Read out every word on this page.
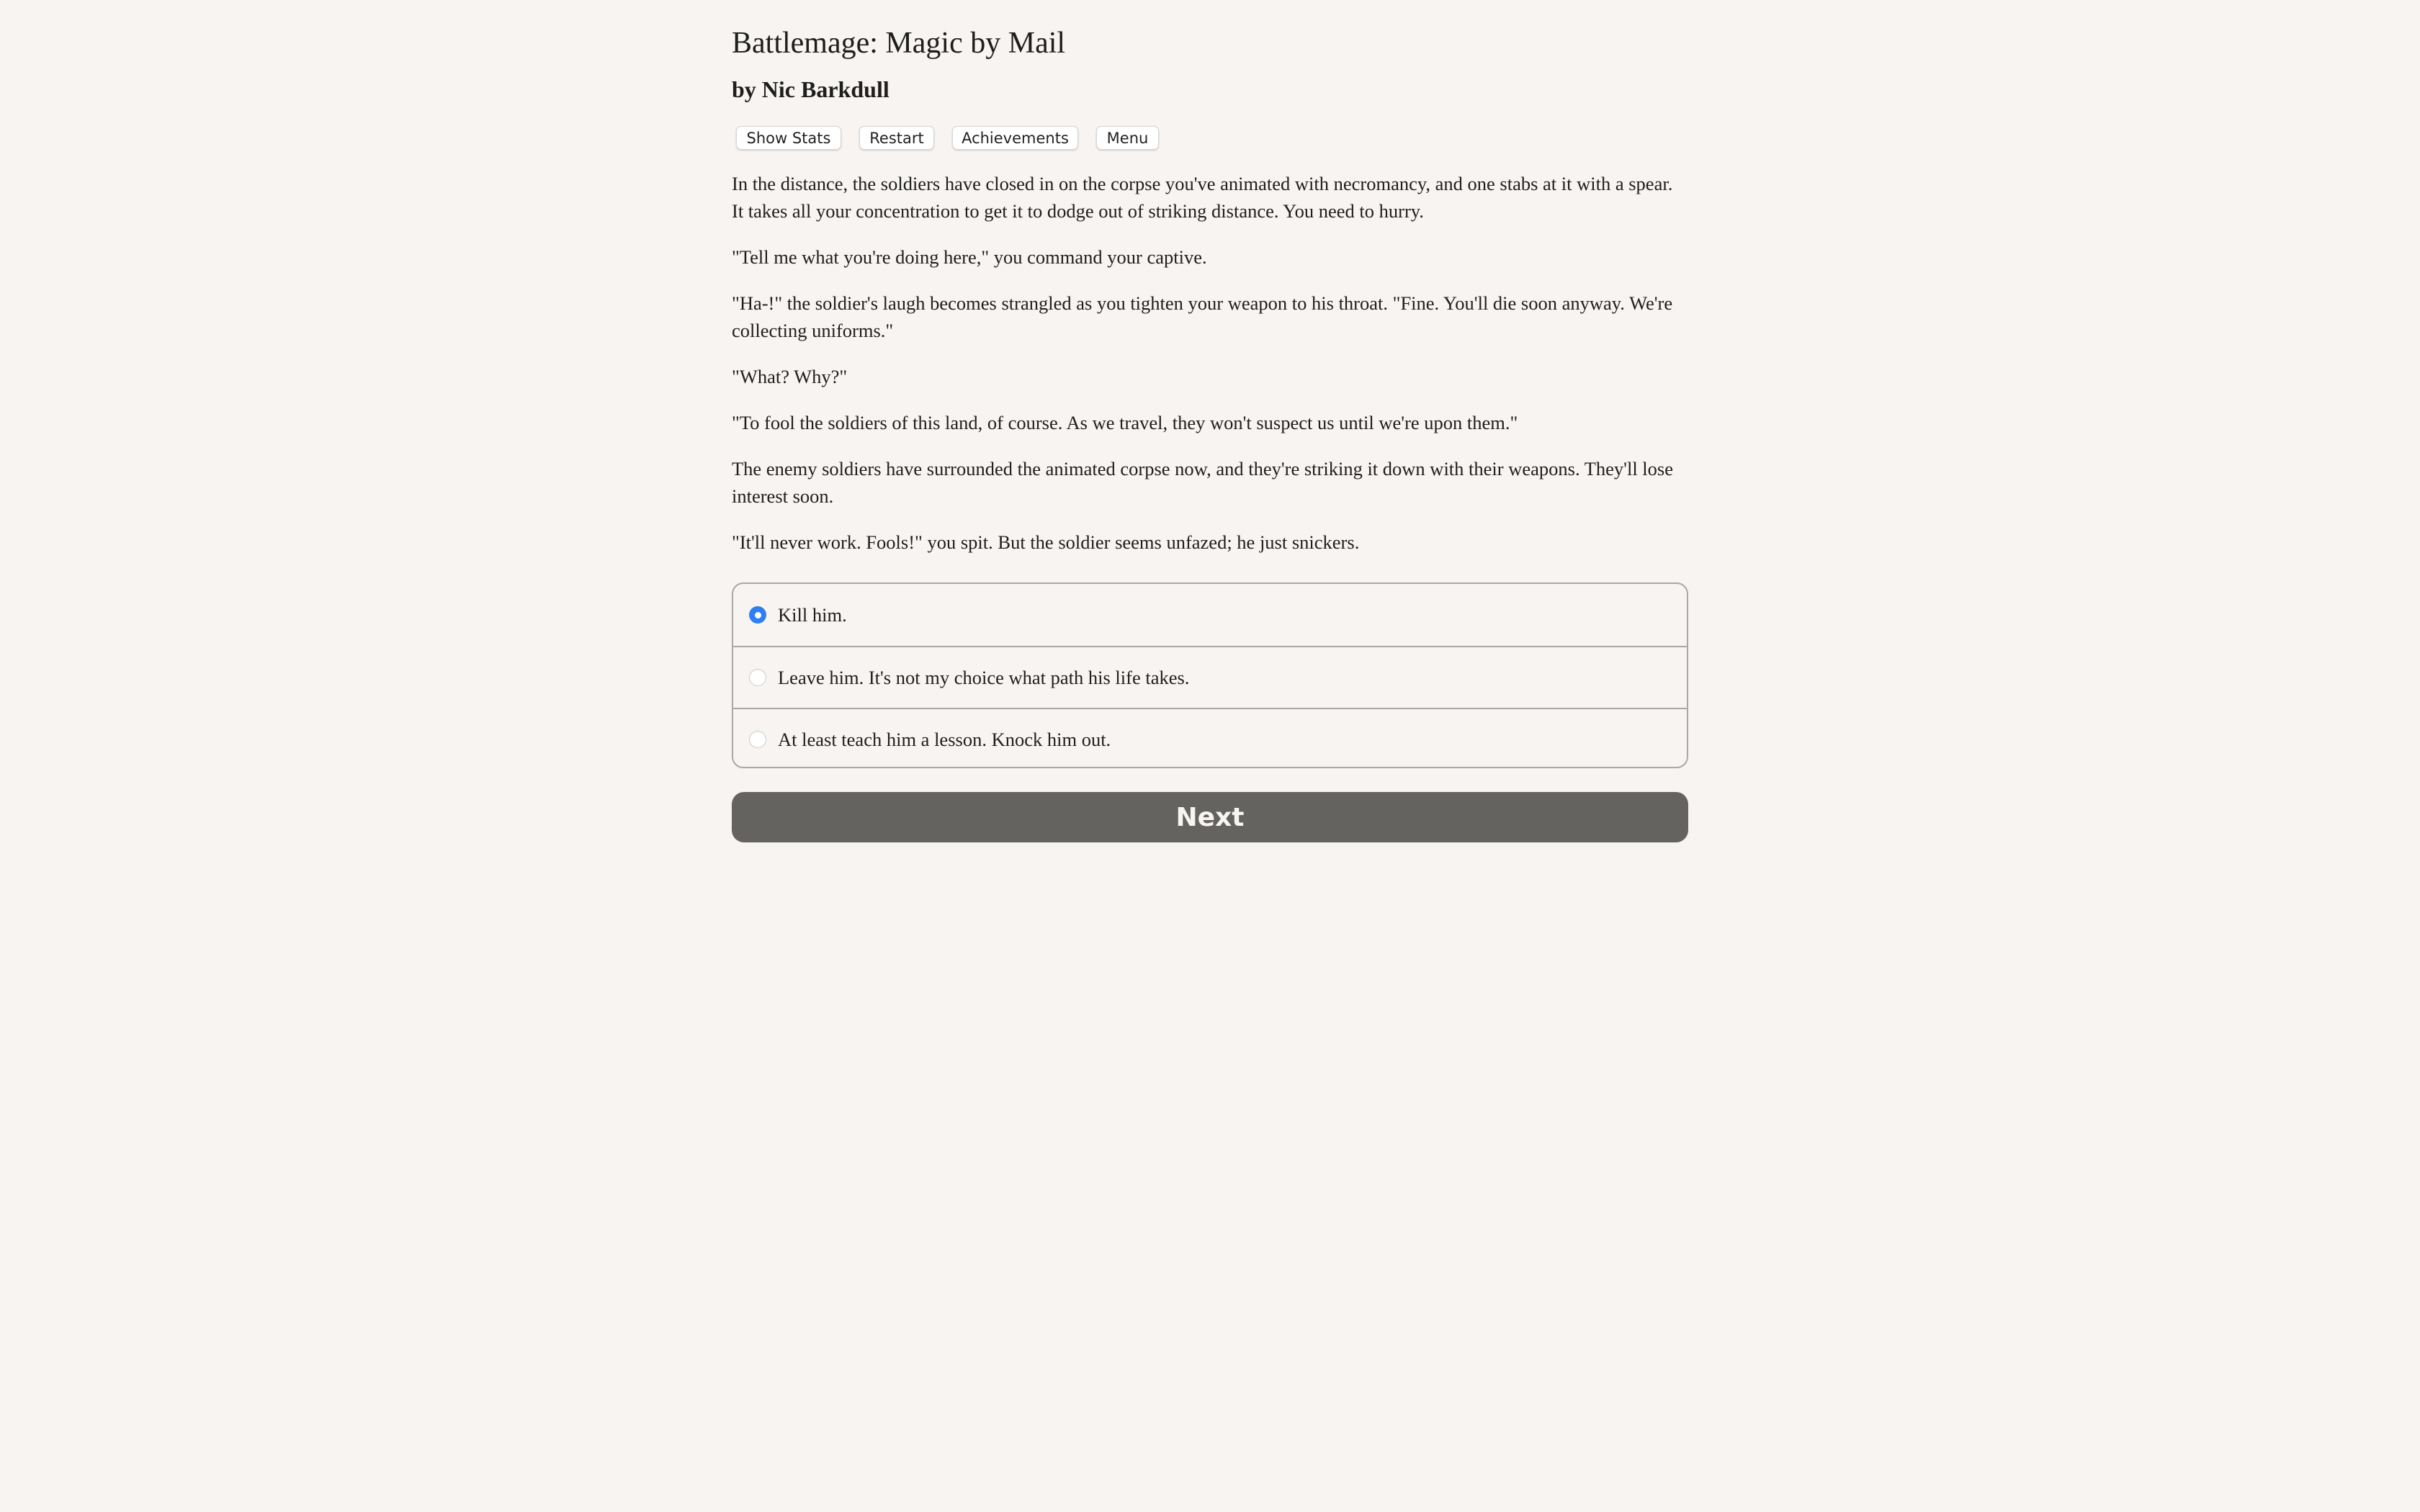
Battlemage: Magic by Mail
by Nic Barkdull
Show Stats	Restart	Achievements	Menu

In the distance, the soldiers have closed in on the corpse you've animated with necromancy, and one stabs at it with a spear. It takes all your concentration to get it to dodge out of striking distance. You need to hurry.

"Tell me what you're doing here," you command your captive.

"Ha-!" the soldier's laugh becomes strangled as you tighten your weapon to his throat. "Fine. You'll die soon anyway. We're collecting uniforms."

"What? Why?"

"To fool the soldiers of this land, of course. As we travel, they won't suspect us until we're upon them."

The enemy soldiers have surrounded the animated corpse now, and they're striking it down with their weapons. They'll lose interest soon.

"It'll never work. Fools!" you spit. But the soldier seems unfazed; he just snickers.

Kill him.
Leave him. It's not my choice what path his life takes.
At least teach him a lesson. Knock him out.
Next
